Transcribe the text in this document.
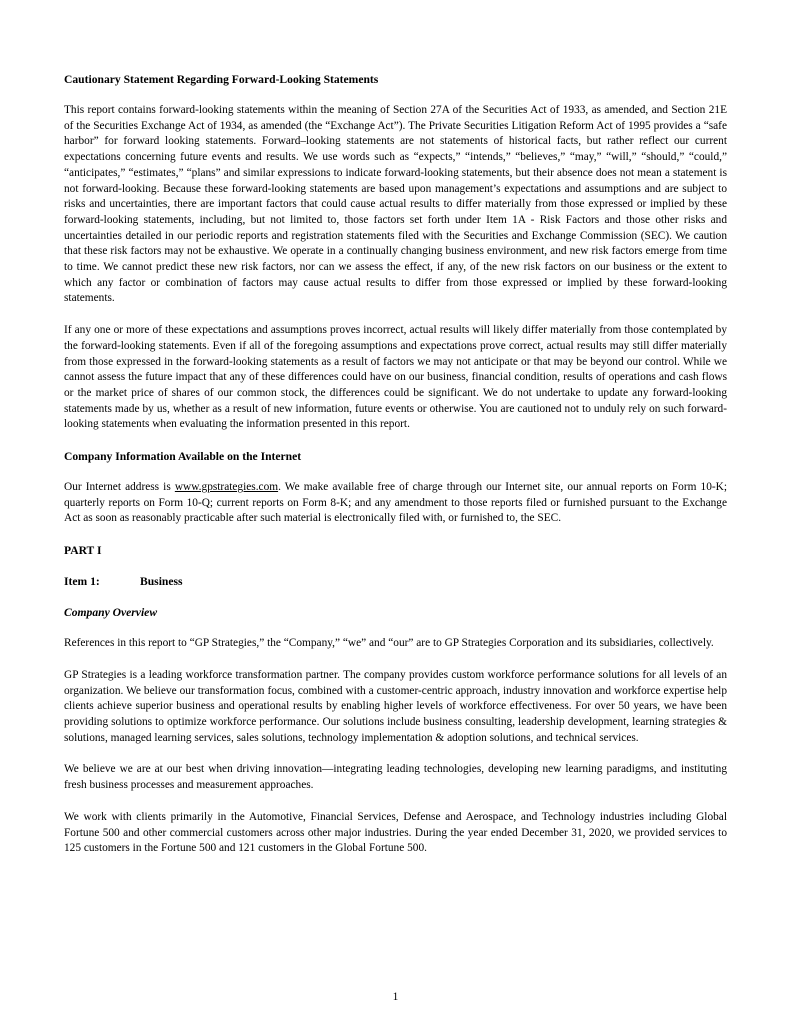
Cautionary Statement Regarding Forward-Looking Statements

This report contains forward-looking statements within the meaning of Section 27A of the Securities Act of 1933, as amended, and Section 21E of the Securities Exchange Act of 1934, as amended (the “Exchange Act”). The Private Securities Litigation Reform Act of 1995 provides a “safe harbor” for forward looking statements. Forward–looking statements are not statements of historical facts, but rather reflect our current expectations concerning future events and results. We use words such as “expects,” “intends,” “believes,” “may,” “will,” “should,” “could,” “anticipates,” “estimates,” “plans” and similar expressions to indicate forward-looking statements, but their absence does not mean a statement is not forward-looking. Because these forward-looking statements are based upon management’s expectations and assumptions and are subject to risks and uncertainties, there are important factors that could cause actual results to differ materially from those expressed or implied by these forward-looking statements, including, but not limited to, those factors set forth under Item 1A - Risk Factors and those other risks and uncertainties detailed in our periodic reports and registration statements filed with the Securities and Exchange Commission (SEC). We caution that these risk factors may not be exhaustive. We operate in a continually changing business environment, and new risk factors emerge from time to time. We cannot predict these new risk factors, nor can we assess the effect, if any, of the new risk factors on our business or the extent to which any factor or combination of factors may cause actual results to differ from those expressed or implied by these forward-looking statements.

If any one or more of these expectations and assumptions proves incorrect, actual results will likely differ materially from those contemplated by the forward-looking statements. Even if all of the foregoing assumptions and expectations prove correct, actual results may still differ materially from those expressed in the forward-looking statements as a result of factors we may not anticipate or that may be beyond our control. While we cannot assess the future impact that any of these differences could have on our business, financial condition, results of operations and cash flows or the market price of shares of our common stock, the differences could be significant. We do not undertake to update any forward-looking statements made by us, whether as a result of new information, future events or otherwise. You are cautioned not to unduly rely on such forward-looking statements when evaluating the information presented in this report.

Company Information Available on the Internet

Our Internet address is www.gpstrategies.com. We make available free of charge through our Internet site, our annual reports on Form 10-K; quarterly reports on Form 10-Q; current reports on Form 8-K; and any amendment to those reports filed or furnished pursuant to the Exchange Act as soon as reasonably practicable after such material is electronically filed with, or furnished to, the SEC.

PART I
Item 1:	Business
Company Overview

References in this report to “GP Strategies,” the “Company,” “we” and “our” are to GP Strategies Corporation and its subsidiaries, collectively.

GP Strategies is a leading workforce transformation partner. The company provides custom workforce performance solutions for all levels of an organization. We believe our transformation focus, combined with a customer-centric approach, industry innovation and workforce expertise help clients achieve superior business and operational results by enabling higher levels of workforce effectiveness. For over 50 years, we have been providing solutions to optimize workforce performance. Our solutions include business consulting, leadership development, learning strategies & solutions, managed learning services, sales solutions, technology implementation & adoption solutions, and technical services.

We believe we are at our best when driving innovation—integrating leading technologies, developing new learning paradigms, and instituting fresh business processes and measurement approaches.

We work with clients primarily in the Automotive, Financial Services, Defense and Aerospace, and Technology industries including Global Fortune 500 and other commercial customers across other major industries. During the year ended December 31, 2020, we provided services to 125 customers in the Fortune 500 and 121 customers in the Global Fortune 500.

1
